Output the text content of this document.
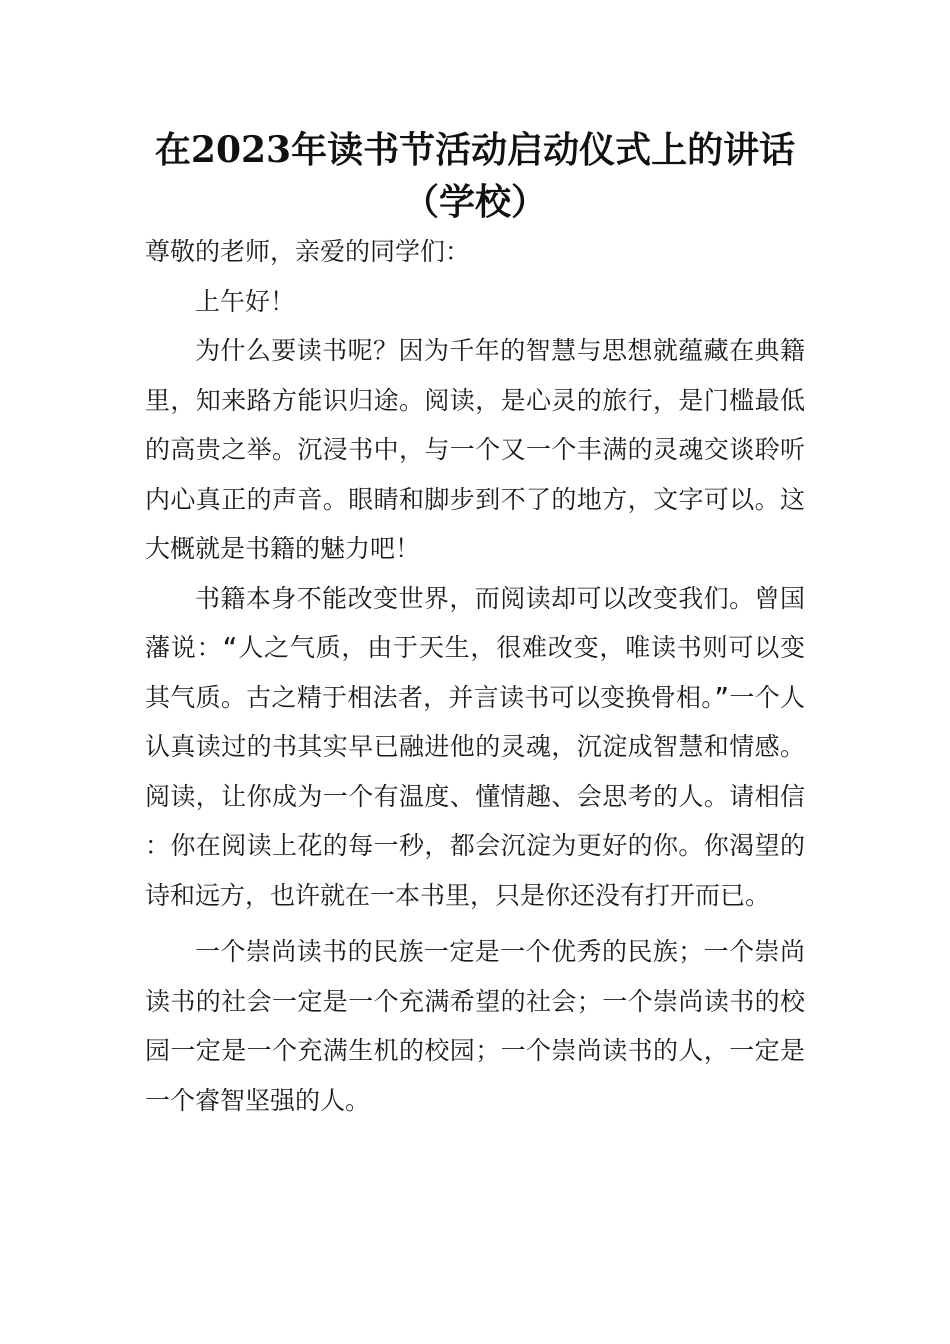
在2023年读书节活动启动仪式上的讲话
（学校）

尊敬的老师，亲爱的同学们：

上午好！

为什么要读书呢？因为千年的智慧与思想就蕴藏在典籍里，知来路方能识归途。阅读，是心灵的旅行，是门槛最低的高贵之举。沉浸书中，与一个又一个丰满的灵魂交谈聆听内心真正的声音。眼睛和脚步到不了的地方，文字可以。这大概就是书籍的魅力吧！

书籍本身不能改变世界，而阅读却可以改变我们。曾国藩说：“人之气质，由于天生，很难改变，唯读书则可以变其气质。古之精于相法者，并言读书可以变换骨相。”一个人认真读过的书其实早已融进他的灵魂，沉淀成智慧和情感。阅读，让你成为一个有温度、懂情趣、会思考的人。请相信：你在阅读上花的每一秒，都会沉淀为更好的你。你渴望的诗和远方，也许就在一本书里，只是你还没有打开而已。

一个崇尚读书的民族一定是一个优秀的民族；一个崇尚读书的社会一定是一个充满希望的社会；一个崇尚读书的校园一定是一个充满生机的校园；一个崇尚读书的人，一定是一个睿智坚强的人。
